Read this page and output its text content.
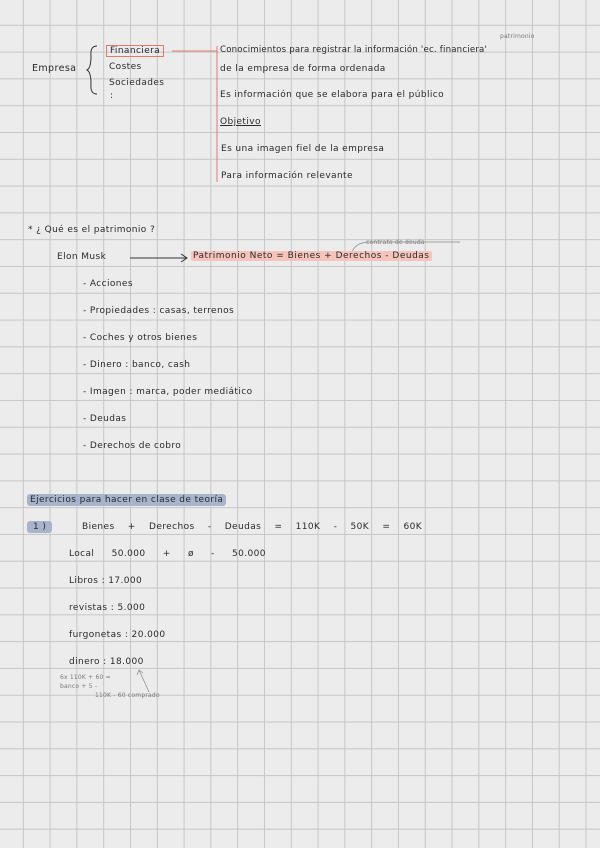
Empresa
Financiera
Costes
Sociedades
:
patrimonio
Conocimientos para registrar la información 'ec. financiera'
de la empresa de forma ordenada
Es información que se elabora para el público
Objetivo
Es una imagen fiel de la empresa
Para información relevante
* ¿ Qué es el patrimonio ?
contrato de deuda
Elon Musk	Patrimonio Neto = Bienes + Derechos - Deudas
- Acciones
- Propiedades : casas, terrenos
- Coches y otros bienes
- Dinero : banco, cash
- Imagen : marca, poder mediático
- Deudas
- Derechos de cobro
Ejercicios para hacer en clase de teoría
1 )	Bienes + Derechos - Deudas = 110K - 50K = 60K
Local 50.000 + ø - 50.000
Libros : 17.000
revistas : 5.000
furgonetas : 20.000
dinero : 18.000
6x 110K + 60 =
banco + 5 -
110K - 60 comprado
